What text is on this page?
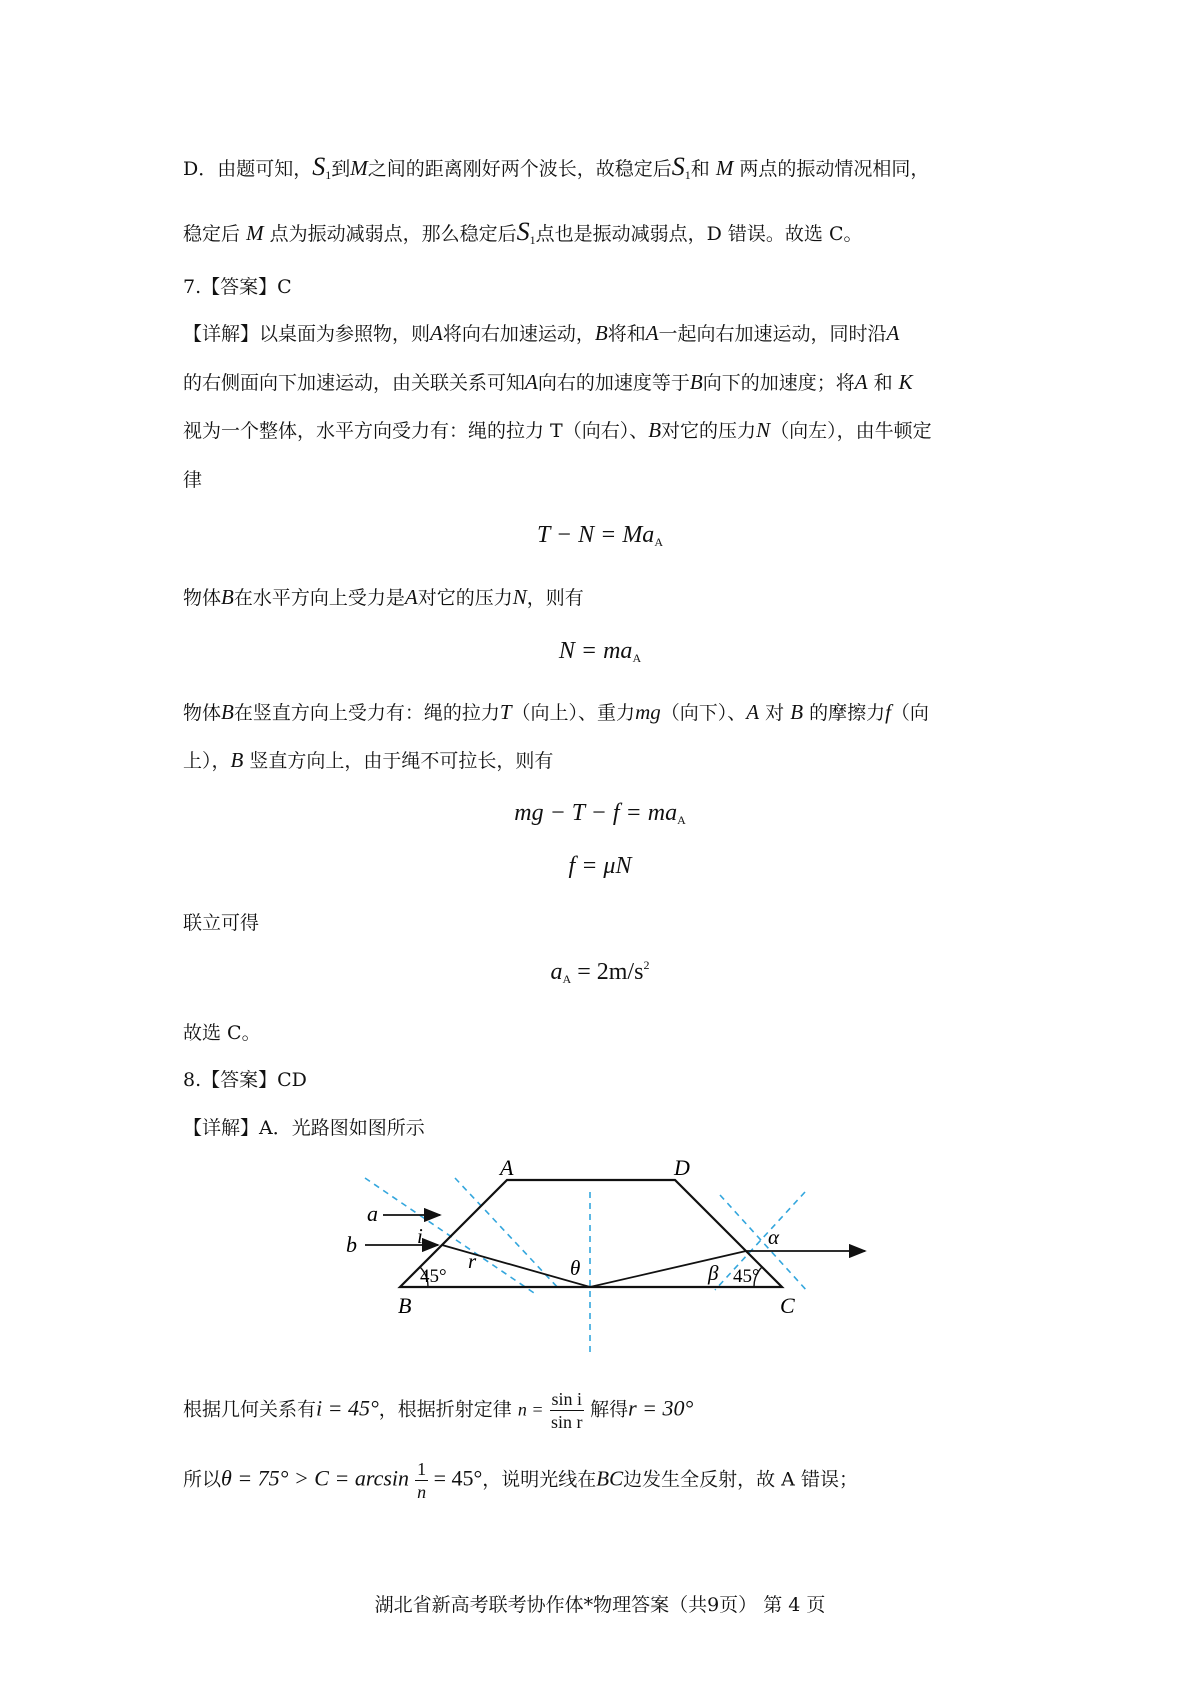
D．由题可知，$S_1$到M之间的距离刚好两个波长，故稳定后$S_1$和 M 两点的振动情况相同，
稳定后 M 点为振动减弱点，那么稳定后$S_1$点也是振动减弱点，D 错误。故选 C。
7.【答案】C
【详解】以桌面为参照物，则A将向右加速运动，B将和A一起向右加速运动，同时沿A
的右侧面向下加速运动，由关联关系可知A向右的加速度等于B向下的加速度；将A 和 K
视为一个整体，水平方向受力有：绳的拉力 T（向右）、B对它的压力N（向左），由牛顿定
律
$T - N = Ma_A$
物体B在水平方向上受力是A对它的压力N，则有
$N = ma_A$
物体B在竖直方向上受力有：绳的拉力T（向上）、重力mg（向下）、A 对 B 的摩擦力f（向
上），B 竖直方向上，由于绳不可拉长，则有
mg − $T - f = ma_A$
f = μN
联立可得
$a_A = 2m/s^2$
故选 C。
8.【答案】CD
【详解】A．光路图如图所示
A	D
B	C
a
b	i
r	θ	β
α
45°	45°
根据几何关系有i = 45°，根据折射定律 $n = \frac{\text{sin i}}{\text{sin r}}$ 解得r = 30°
所以$\theta = 75^\circ > C = \arcsin \frac{1}{n} = 45^\circ$，说明光线在BC边发生全反射，故 A 错误；
湖北省新高考联考协作体*物理答案（共9页） 第 4 页
